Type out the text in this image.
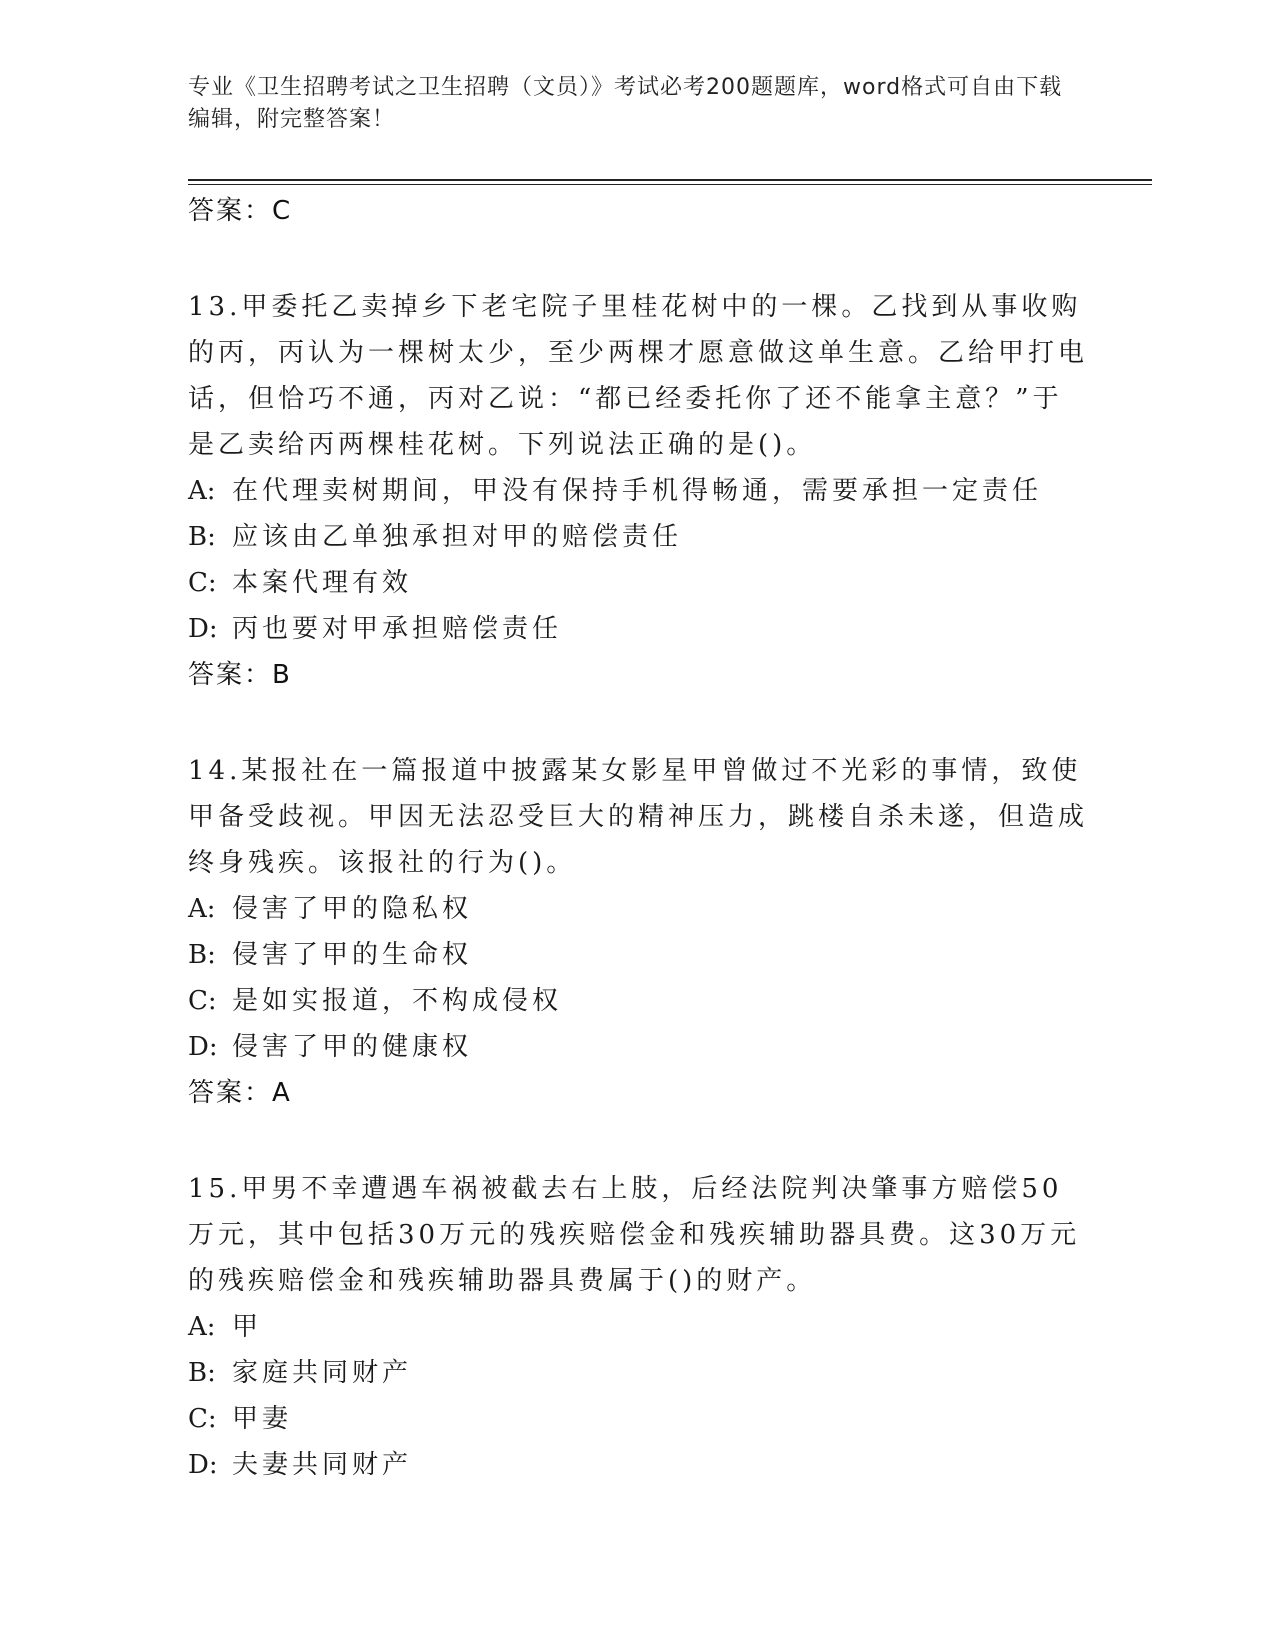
专业《卫生招聘考试之卫生招聘（文员）》考试必考200题题库，word格式可自由下载编辑，附完整答案！
答案：C
13.甲委托乙卖掉乡下老宅院子里桂花树中的一棵。乙找到从事收购的丙，丙认为一棵树太少，至少两棵才愿意做这单生意。乙给甲打电话，但恰巧不通，丙对乙说：“都已经委托你了还不能拿主意？”于是乙卖给丙两棵桂花树。下列说法正确的是()。
A: 在代理卖树期间，甲没有保持手机得畅通，需要承担一定责任
B: 应该由乙单独承担对甲的赔偿责任
C: 本案代理有效
D: 丙也要对甲承担赔偿责任
答案：B
14.某报社在一篇报道中披露某女影星甲曾做过不光彩的事情，致使甲备受歧视。甲因无法忍受巨大的精神压力，跳楼自杀未遂，但造成终身残疾。该报社的行为()。
A: 侵害了甲的隐私权
B: 侵害了甲的生命权
C: 是如实报道，不构成侵权
D: 侵害了甲的健康权
答案：A
15.甲男不幸遭遇车祸被截去右上肢，后经法院判决肇事方赔偿50万元，其中包括30万元的残疾赔偿金和残疾辅助器具费。这30万元的残疾赔偿金和残疾辅助器具费属于()的财产。
A: 甲
B: 家庭共同财产
C: 甲妻
D: 夫妻共同财产
